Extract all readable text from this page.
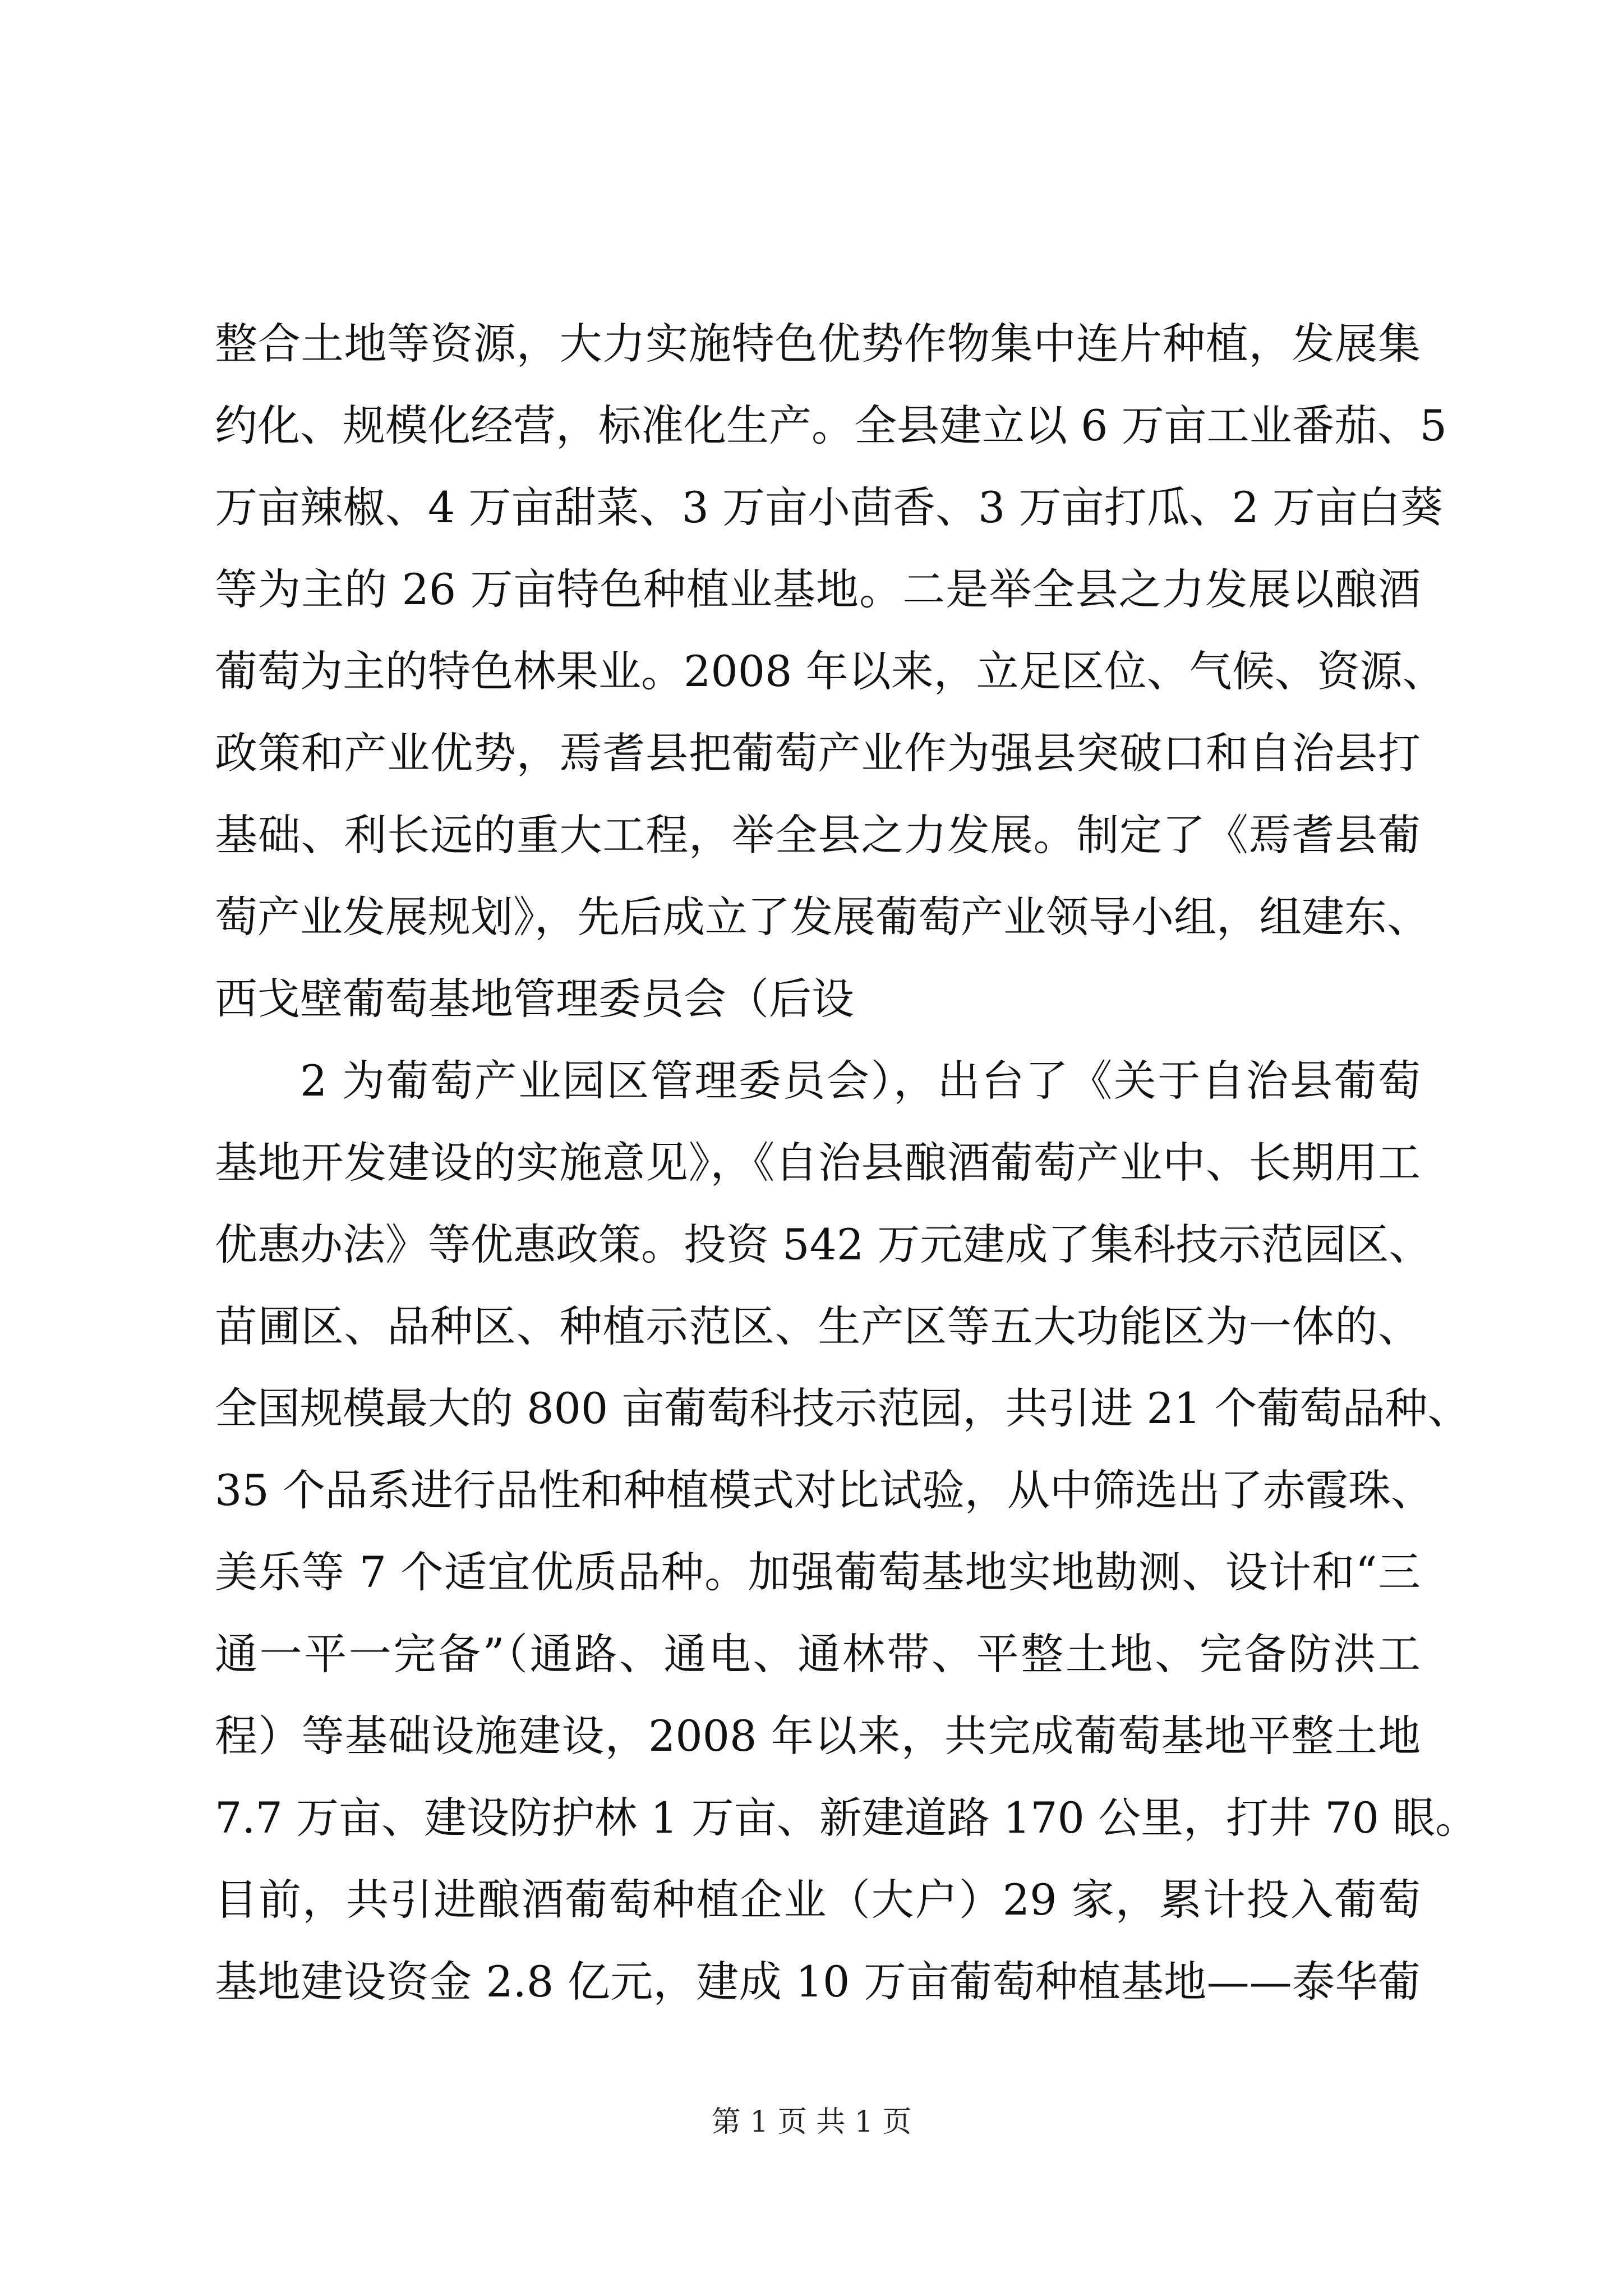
整合土地等资源，大力实施特色优势作物集中连片种植，发展集
约化、规模化经营，标准化生产。全县建立以 6 万亩工业番茄、5
万亩辣椒、4 万亩甜菜、3 万亩小茴香、3 万亩打瓜、2 万亩白葵
等为主的 26 万亩特色种植业基地。二是举全县之力发展以酿酒
葡萄为主的特色林果业。2008 年以来，立足区位、气候、资源、
政策和产业优势，焉耆县把葡萄产业作为强县突破口和自治县打
基础、利长远的重大工程，举全县之力发展。制定了《焉耆县葡
萄产业发展规划》，先后成立了发展葡萄产业领导小组，组建东、
西戈壁葡萄基地管理委员会（后设
2 为葡萄产业园区管理委员会），出台了《关于自治县葡萄
基地开发建设的实施意见》，《自治县酿酒葡萄产业中、长期用工
优惠办法》等优惠政策。投资 542 万元建成了集科技示范园区、
苗圃区、品种区、种植示范区、生产区等五大功能区为一体的、
全国规模最大的 800 亩葡萄科技示范园，共引进 21 个葡萄品种、
35 个品系进行品性和种植模式对比试验，从中筛选出了赤霞珠、
美乐等 7 个适宜优质品种。加强葡萄基地实地勘测、设计和“三
通一平一完备”（通路、通电、通林带、平整土地、完备防洪工
程）等基础设施建设，2008 年以来，共完成葡萄基地平整土地
7.7 万亩、建设防护林 1 万亩、新建道路 170 公里，打井 70 眼。
目前，共引进酿酒葡萄种植企业（大户）29 家，累计投入葡萄
基地建设资金 2.8 亿元，建成 10 万亩葡萄种植基地——泰华葡
第 1 页 共 1 页
